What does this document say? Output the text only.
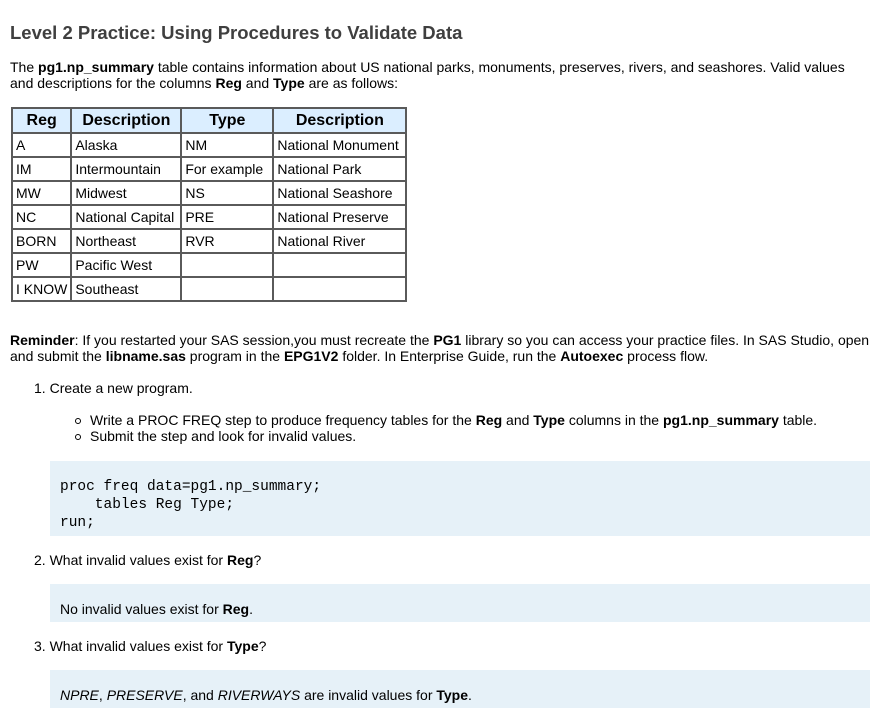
Level 2 Practice: Using Procedures to Validate Data

The pg1.np_summary table contains information about US national parks, monuments, preserves, rivers, and seashores. Valid values and descriptions for the columns Reg and Type are as follows:

Reg	Description	Type	Description
A	Alaska	NM	National Monument
IM	Intermountain	For example	National Park
MW	Midwest	NS	National Seashore
NC	National Capital	PRE	National Preserve
BORN	Northeast	RVR	National River
PW	Pacific West		
I KNOW	Southeast		

Reminder: If you restarted your SAS session,you must recreate the PG1 library so you can access your practice files. In SAS Studio, open and submit the libname.sas program in the EPG1V2 folder. In Enterprise Guide, run the Autoexec process flow.

1. Create a new program.
Write a PROC FREQ step to produce frequency tables for the Reg and Type columns in the pg1.np_summary table.
Submit the step and look for invalid values.
proc freq data=pg1.np_summary;
tables Reg Type;
run;
2. What invalid values exist for Reg?
No invalid values exist for Reg.
3. What invalid values exist for Type?
NPRE, PRESERVE, and RIVERWAYS are invalid values for Type.
